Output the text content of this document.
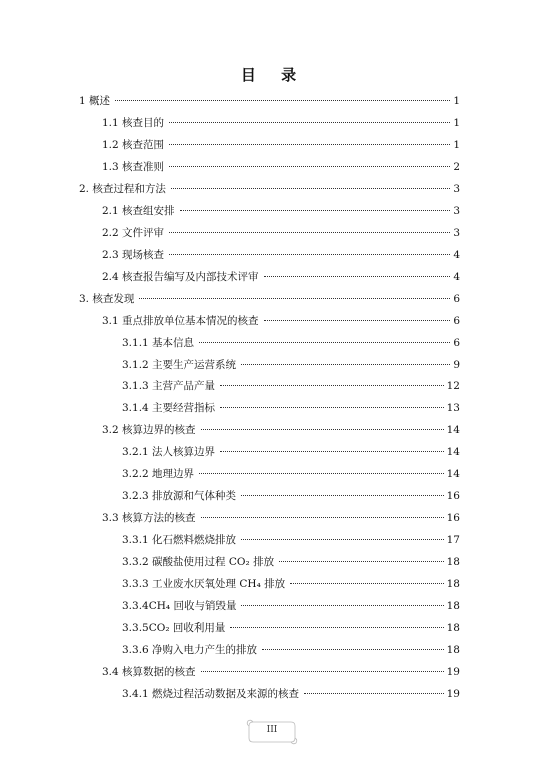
目 录
1 概述	1
1.1 核查目的	1
1.2 核查范围	1
1.3 核查准则	2
2. 核查过程和方法	3
2.1 核查组安排	3
2.2 文件评审	3
2.3 现场核查	4
2.4 核查报告编写及内部技术评审	4
3. 核查发现	6
3.1 重点排放单位基本情况的核查	6
3.1.1 基本信息	6
3.1.2 主要生产运营系统	9
3.1.3 主营产品产量	12
3.1.4 主要经营指标	13
3.2 核算边界的核查	14
3.2.1 法人核算边界	14
3.2.2 地理边界	14
3.2.3 排放源和气体种类	16
3.3 核算方法的核查	16
3.3.1 化石燃料燃烧排放	17
3.3.2 碳酸盐使用过程 CO₂ 排放	18
3.3.3 工业废水厌氧处理 CH₄ 排放	18
3.3.4CH₄ 回收与销毁量	18
3.3.5CO₂ 回收利用量	18
3.3.6 净购入电力产生的排放	18
3.4 核算数据的核查	19
3.4.1 燃烧过程活动数据及来源的核查	19
III
